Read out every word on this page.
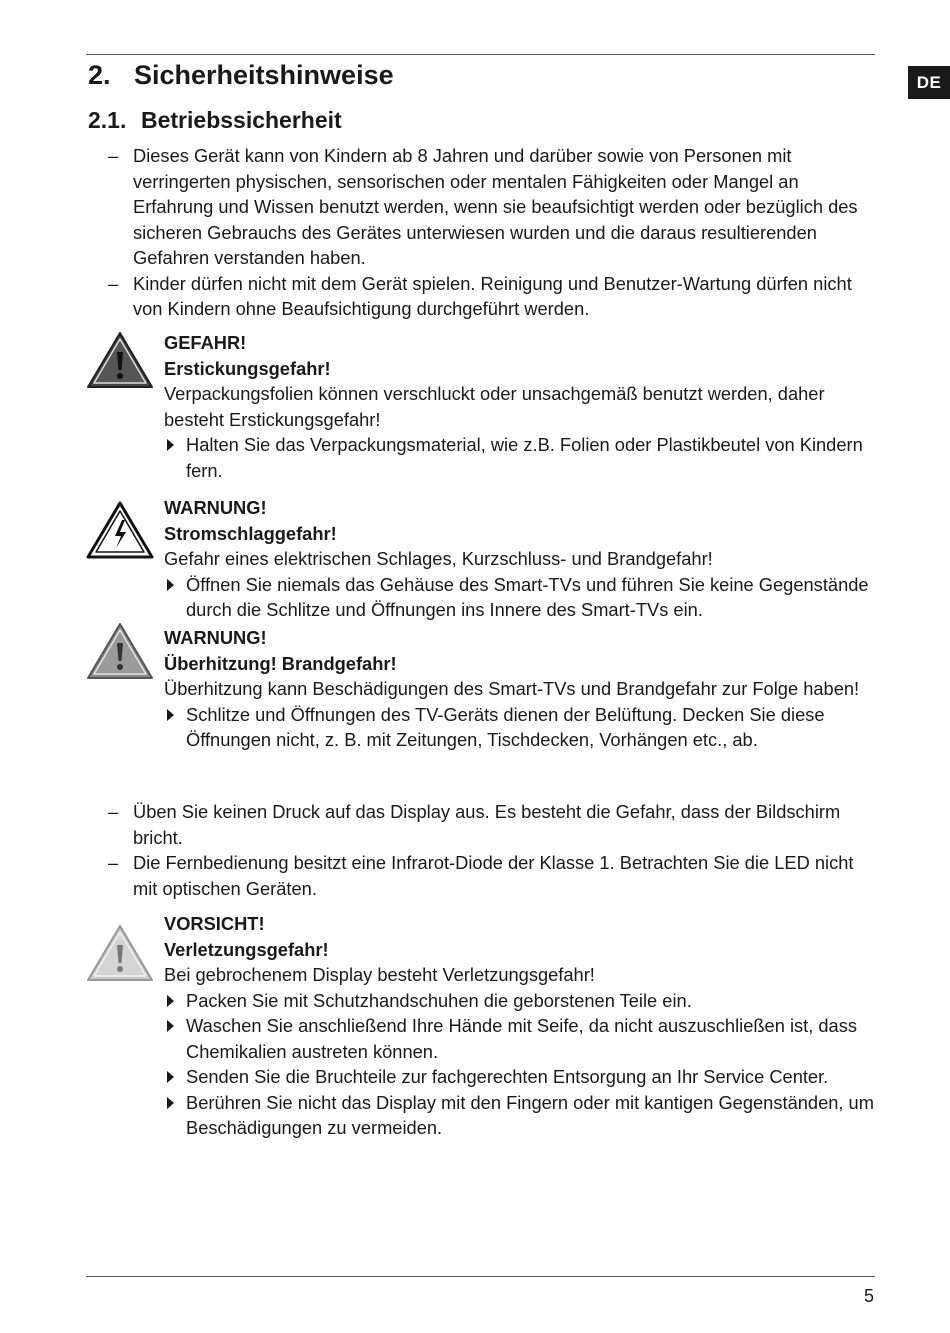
DE
2. Sicherheitshinweise
2.1. Betriebssicherheit
– Dieses Gerät kann von Kindern ab 8 Jahren und darüber sowie von Personen mit verringerten physischen, sensorischen oder mentalen Fähigkeiten oder Mangel an Erfahrung und Wissen benutzt werden, wenn sie beaufsichtigt werden oder bezüglich des sicheren Gebrauchs des Gerätes unterwiesen wurden und die daraus resultierenden Gefahren verstanden haben.
– Kinder dürfen nicht mit dem Gerät spielen. Reinigung und Benutzer-Wartung dürfen nicht von Kindern ohne Beaufsichtigung durchgeführt werden.
GEFAHR!
Erstickungsgefahr!
Verpackungsfolien können verschluckt oder unsachgemäß benutzt werden, daher besteht Erstickungsgefahr!
Halten Sie das Verpackungsmaterial, wie z.B. Folien oder Plastikbeutel von Kindern fern.
WARNUNG!
Stromschlaggefahr!
Gefahr eines elektrischen Schlages, Kurzschluss- und Brandgefahr!
Öffnen Sie niemals das Gehäuse des Smart-TVs und führen Sie keine Gegenstände durch die Schlitze und Öffnungen ins Innere des Smart-TVs ein.
WARNUNG!
Überhitzung! Brandgefahr!
Überhitzung kann Beschädigungen des Smart-TVs und Brandgefahr zur Folge haben!
Schlitze und Öffnungen des TV-Geräts dienen der Belüftung. Decken Sie diese Öffnungen nicht, z. B. mit Zeitungen, Tischdecken, Vorhängen etc., ab.
– Üben Sie keinen Druck auf das Display aus. Es besteht die Gefahr, dass der Bildschirm bricht.
– Die Fernbedienung besitzt eine Infrarot-Diode der Klasse 1. Betrachten Sie die LED nicht mit optischen Geräten.
VORSICHT!
Verletzungsgefahr!
Bei gebrochenem Display besteht Verletzungsgefahr!
Packen Sie mit Schutzhandschuhen die geborstenen Teile ein.
Waschen Sie anschließend Ihre Hände mit Seife, da nicht auszuschließen ist, dass Chemikalien austreten können.
Senden Sie die Bruchteile zur fachgerechten Entsorgung an Ihr Service Center.
Berühren Sie nicht das Display mit den Fingern oder mit kantigen Gegenständen, um Beschädigungen zu vermeiden.
5
